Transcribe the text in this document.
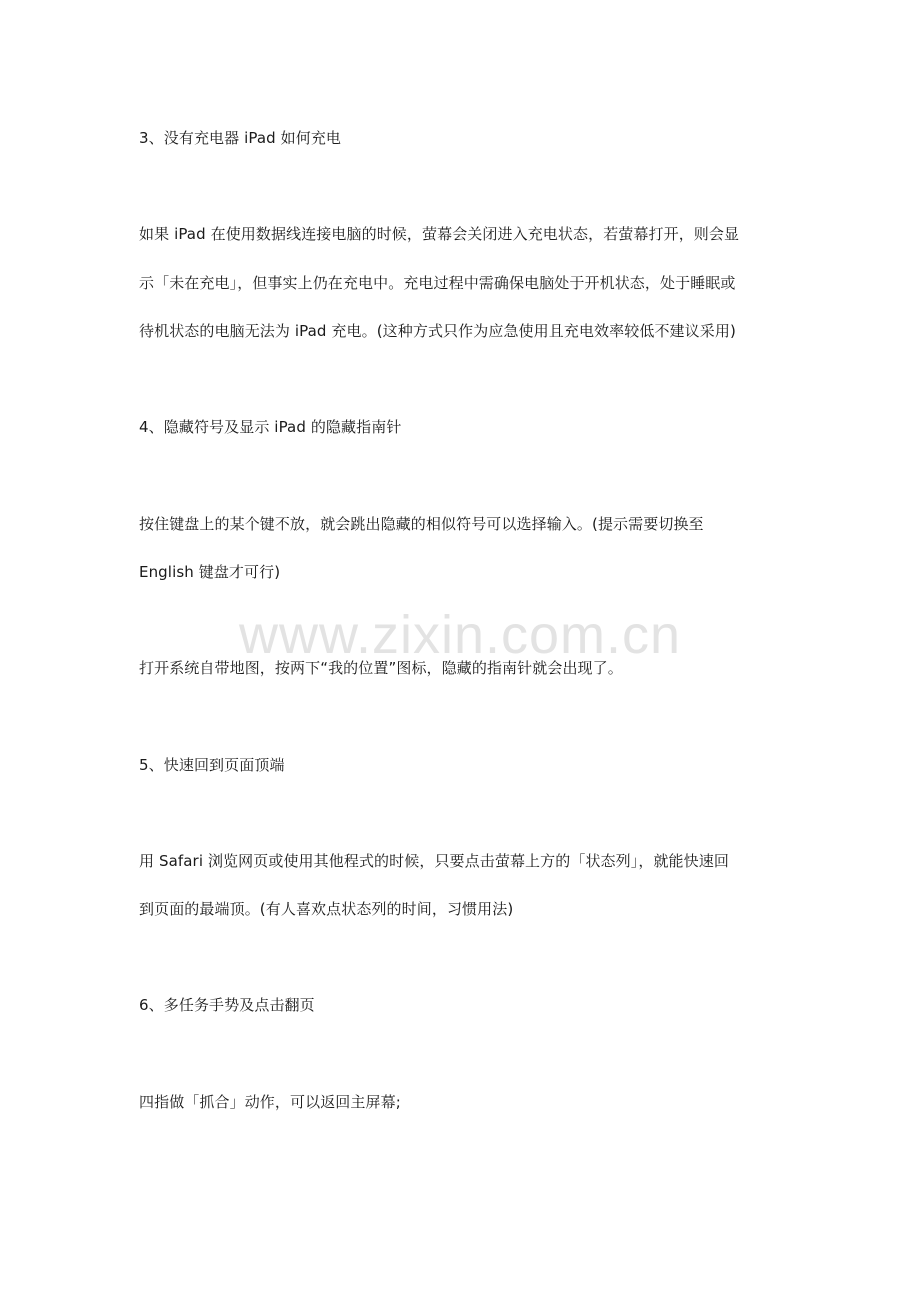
3、没有充电器 iPad 如何充电
如果 iPad 在使用数据线连接电脑的时候，萤幕会关闭进入充电状态，若萤幕打开，则会显
示「未在充电」，但事实上仍在充电中。充电过程中需确保电脑处于开机状态，处于睡眠或
待机状态的电脑无法为 iPad 充电。(这种方式只作为应急使用且充电效率较低不建议采用)
4、隐藏符号及显示 iPad 的隐藏指南针
按住键盘上的某个键不放，就会跳出隐藏的相似符号可以选择输入。(提示需要切换至
English 键盘才可行)
www.zixin.com.cn
打开系统自带地图，按两下“我的位置”图标，隐藏的指南针就会出现了。
5、快速回到页面顶端
用 Safari 浏览网页或使用其他程式的时候，只要点击萤幕上方的「状态列」，就能快速回
到页面的最端顶。(有人喜欢点状态列的时间，习惯用法)
6、多任务手势及点击翻页
四指做「抓合」动作，可以返回主屏幕;
